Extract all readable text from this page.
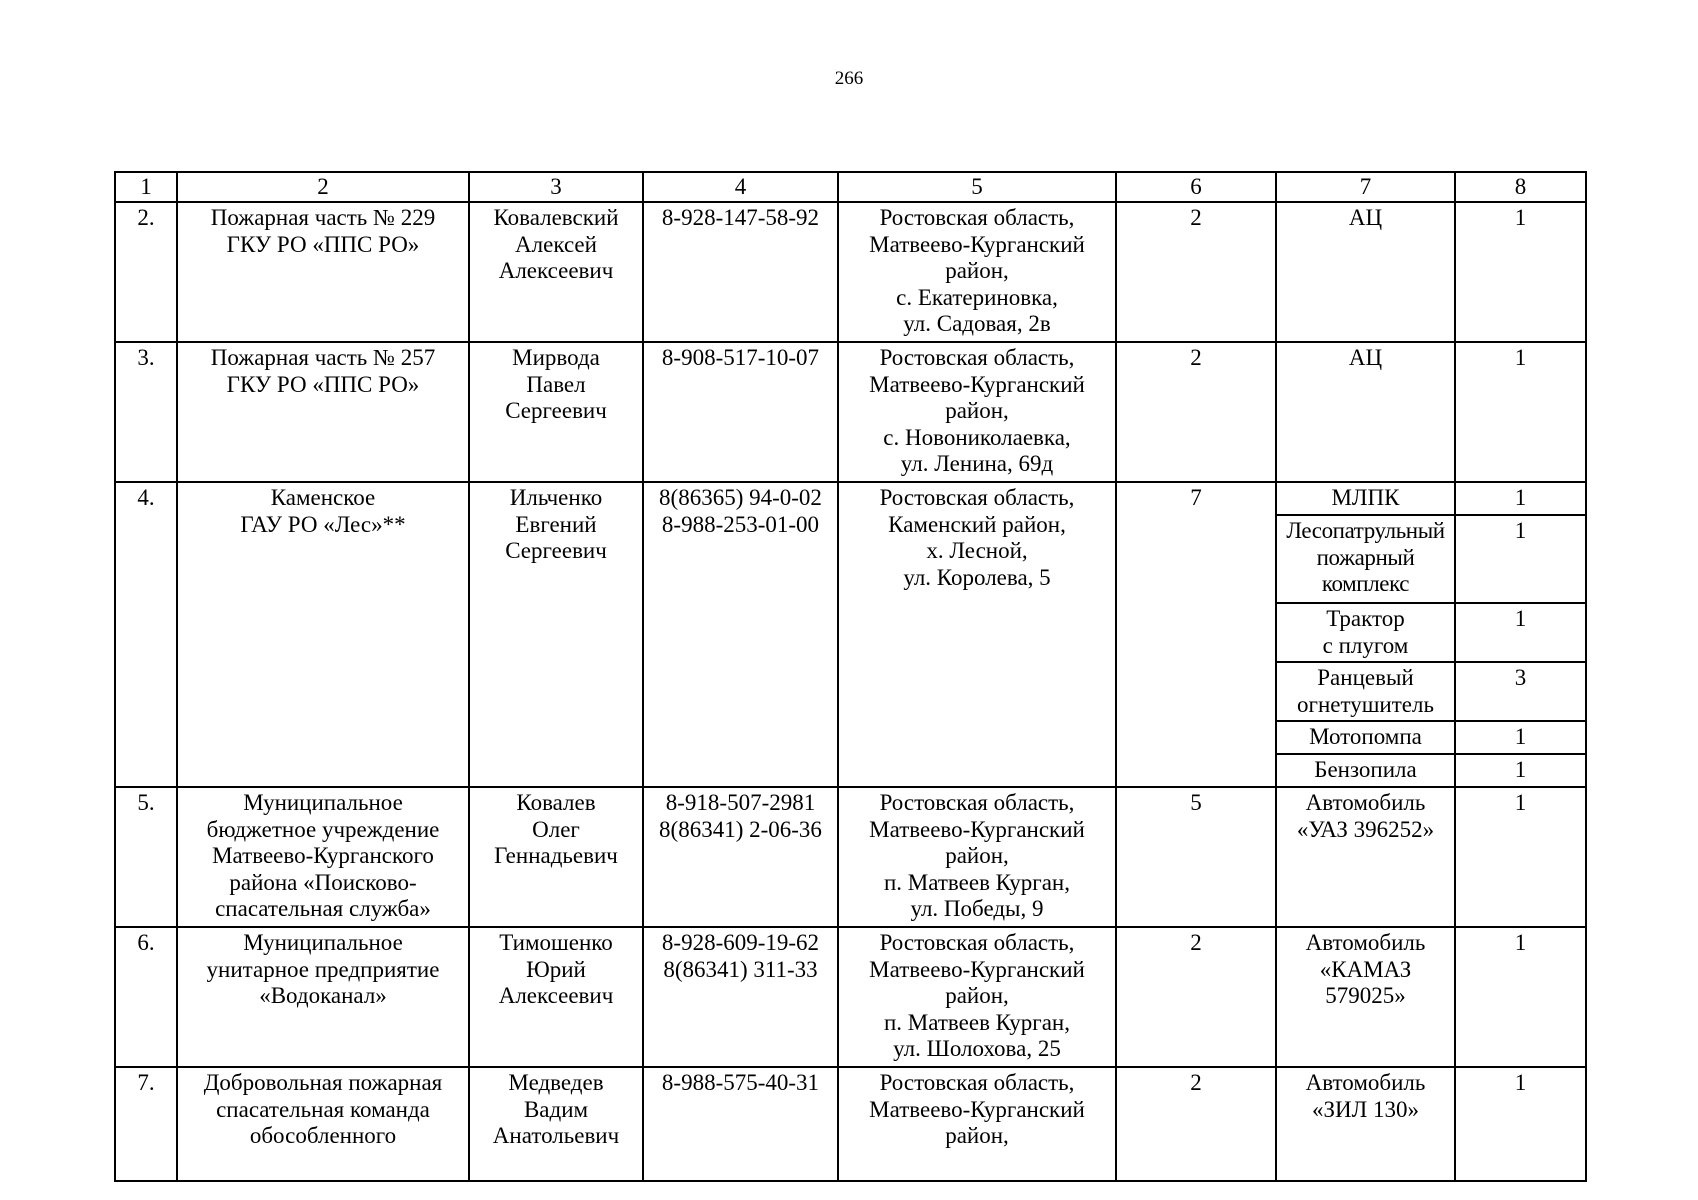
266
1	2	3	4	5	6	7	8
2.	Пожарная часть № 229
ГКУ РО «ППС РО»	Ковалевский
Алексей
Алексеевич	8-928-147-58-92	Ростовская область,
Матвеево-Курганский
район,
с. Екатериновка,
ул. Садовая, 2в	2	АЦ	1
3.	Пожарная часть № 257
ГКУ РО «ППС РО»	Мирвода
Павел
Сергеевич	8-908-517-10-07	Ростовская область,
Матвеево-Курганский
район,
с. Новониколаевка,
ул. Ленина, 69д	2	АЦ	1
4.	Каменское
ГАУ РО «Лес»**	Ильченко
Евгений
Сергеевич	8(86365) 94-0-02
8-988-253-01-00	Ростовская область,
Каменский район,
х. Лесной,
ул. Королева, 5	7	МЛПК	1
						Лесопатрульный
пожарный
комплекс	1
						Трактор
с плугом	1
						Ранцевый
огнетушитель	3
						Мотопомпа	1
						Бензопила	1
5.	Муниципальное
бюджетное учреждение
Матвеево-Курганского
района «Поисково-
спасательная служба»	Ковалев
Олег
Геннадьевич	8-918-507-2981
8(86341) 2-06-36	Ростовская область,
Матвеево-Курганский
район,
п. Матвеев Курган,
ул. Победы, 9	5	Автомобиль
«УАЗ 396252»	1
6.	Муниципальное
унитарное предприятие
«Водоканал»	Тимошенко
Юрий
Алексеевич	8-928-609-19-62
8(86341) 311-33	Ростовская область,
Матвеево-Курганский
район,
п. Матвеев Курган,
ул. Шолохова, 25	2	Автомобиль
«КАМАЗ
579025»	1
7.	Добровольная пожарная
спасательная команда
обособленного	Медведев
Вадим
Анатольевич	8-988-575-40-31	Ростовская область,
Матвеево-Курганский
район,	2	Автомобиль
«ЗИЛ 130»	1
